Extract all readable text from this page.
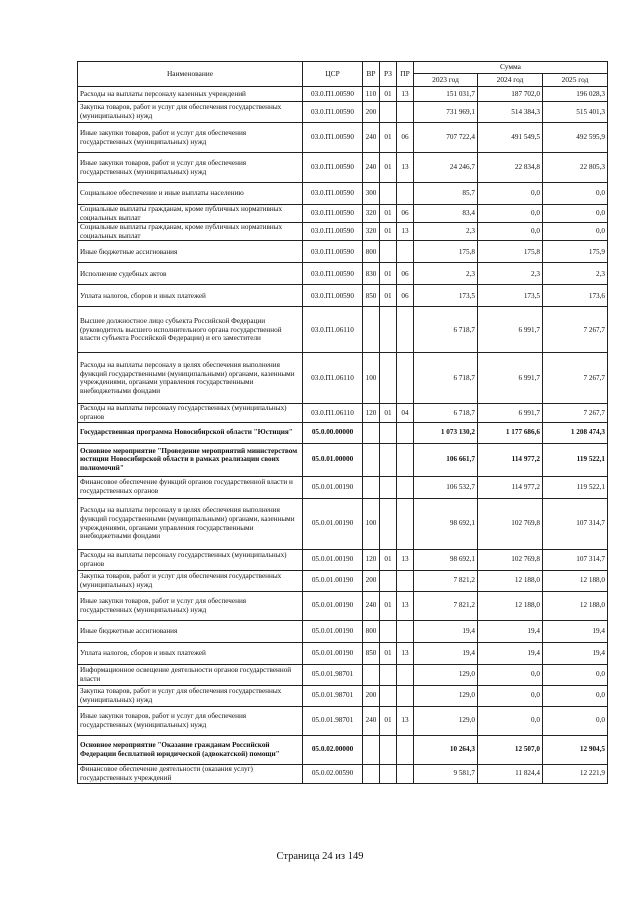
Наименование	ЦСР	ВР	РЗ	ПР	Сумма		
					2023 год	2024 год	2025 год
Расходы на выплаты персоналу казенных учреждений	03.0.П1.00590	110	01	13	151 031,7	187 702,0	196 028,3
Закупка товаров, работ и услуг для обеспечения государственных (муниципальных) нужд	03.0.П1.00590	200			731 969,1	514 384,3	515 401,3
Иные закупки товаров, работ и услуг для обеспечения государственных (муниципальных) нужд	03.0.П1.00590	240	01	06	707 722,4	491 549,5	492 595,9
Иные закупки товаров, работ и услуг для обеспечения государственных (муниципальных) нужд	03.0.П1.00590	240	01	13	24 246,7	22 834,8	22 805,3
Социальное обеспечение и иные выплаты населению	03.0.П1.00590	300			85,7	0,0	0,0
Социальные выплаты гражданам, кроме публичных нормативных социальных выплат	03.0.П1.00590	320	01	06	83,4	0,0	0,0
Социальные выплаты гражданам, кроме публичных нормативных социальных выплат	03.0.П1.00590	320	01	13	2,3	0,0	0,0
Иные бюджетные ассигнования	03.0.П1.00590	800			175,8	175,8	175,9
Исполнение судебных актов	03.0.П1.00590	830	01	06	2,3	2,3	2,3
Уплата налогов, сборов и иных платежей	03.0.П1.00590	850	01	06	173,5	173,5	173,6
Высшее должностное лицо субъекта Российской Федерации (руководитель высшего исполнительного органа государственной власти субъекта Российской Федерации) и его заместители	03.0.П1.06110				6 718,7	6 991,7	7 267,7
Расходы на выплаты персоналу в целях обеспечения выполнения функций государственными (муниципальными) органами, казенными учреждениями, органами управления государственными внебюджетными фондами	03.0.П1.06110	100			6 718,7	6 991,7	7 267,7
Расходы на выплаты персоналу государственных (муниципальных) органов	03.0.П1.06110	120	01	04	6 718,7	6 991,7	7 267,7
Государственная программа Новосибирской области "Юстиция"	05.0.00.00000				1 073 130,2	1 177 686,6	1 208 474,3
Основное мероприятие "Проведение мероприятий министерством юстиции Новосибирской области в рамках реализации своих полномочий"	05.0.01.00000				106 661,7	114 977,2	119 522,1
Финансовое обеспечение функций органов государственной власти и государственных органов	05.0.01.00190				106 532,7	114 977,2	119 522,1
Расходы на выплаты персоналу в целях обеспечения выполнения функций государственными (муниципальными) органами, казенными учреждениями, органами управления государственными внебюджетными фондами	05.0.01.00190	100			98 692,1	102 769,8	107 314,7
Расходы на выплаты персоналу государственных (муниципальных) органов	05.0.01.00190	120	01	13	98 692,1	102 769,8	107 314,7
Закупка товаров, работ и услуг для обеспечения государственных (муниципальных) нужд	05.0.01.00190	200			7 821,2	12 188,0	12 188,0
Иные закупки товаров, работ и услуг для обеспечения государственных (муниципальных) нужд	05.0.01.00190	240	01	13	7 821,2	12 188,0	12 188,0
Иные бюджетные ассигнования	05.0.01.00190	800			19,4	19,4	19,4
Уплата налогов, сборов и иных платежей	05.0.01.00190	850	01	13	19,4	19,4	19,4
Информационное освещение деятельности органов государственной власти	05.0.01.98701				129,0	0,0	0,0
Закупка товаров, работ и услуг для обеспечения государственных (муниципальных) нужд	05.0.01.98701	200			129,0	0,0	0,0
Иные закупки товаров, работ и услуг для обеспечения государственных (муниципальных) нужд	05.0.01.98701	240	01	13	129,0	0,0	0,0
Основное мероприятие "Оказание гражданам Российской Федерации бесплатной юридической (адвокатской) помощи"	05.0.02.00000				10 264,3	12 507,0	12 904,5
Финансовое обеспечение деятельности (оказания услуг) государственных учреждений	05.0.02.00590				9 581,7	11 824,4	12 221,9
Страница 24 из 149
